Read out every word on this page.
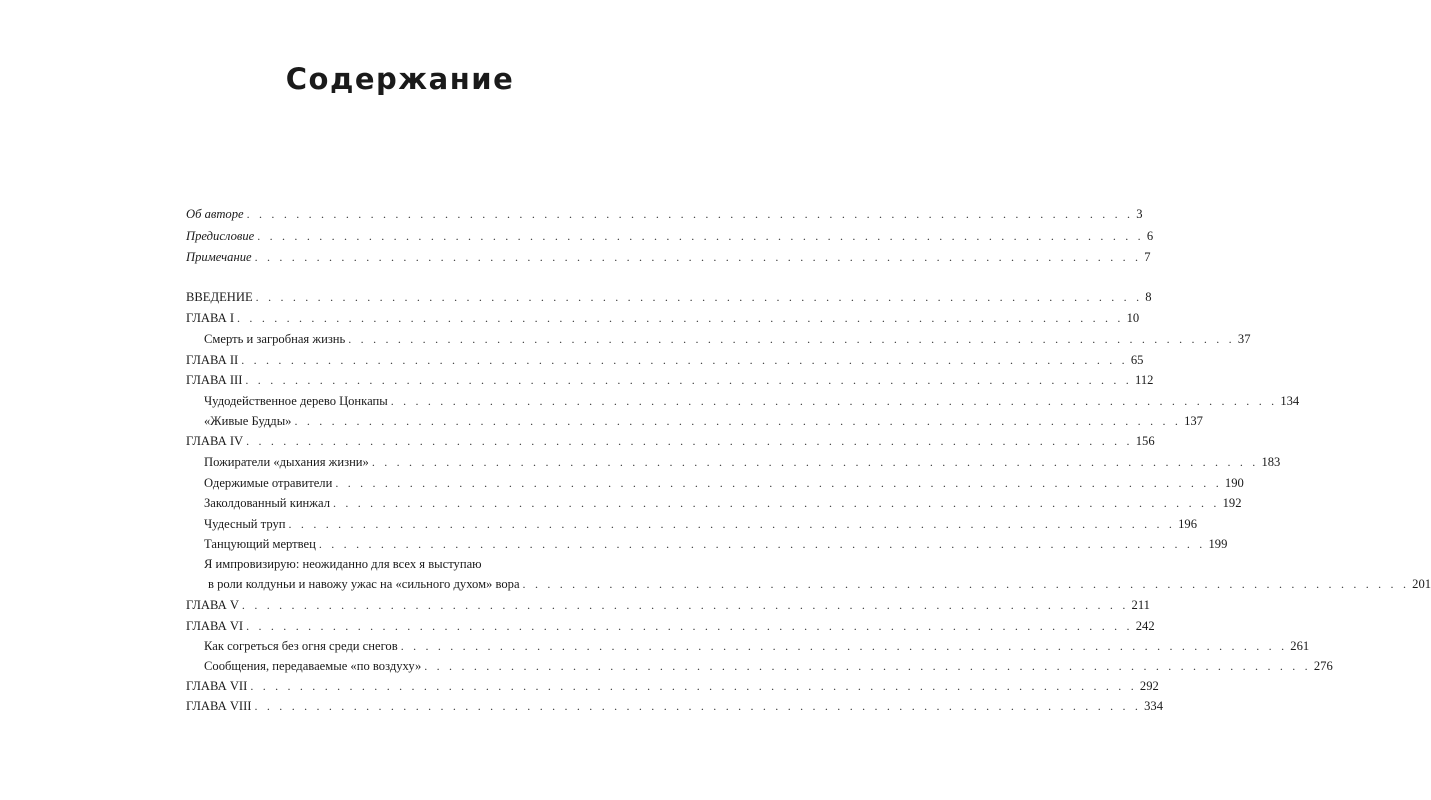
Содержание
Об авторе . . . . . . . . . . . . . . . . . . . . . . . . . . . . . . . . . . . . . . . . . . . . . . . . . . . . . . . . . . . . . . . . . . . . . . . . 3
Предисловие . . . . . . . . . . . . . . . . . . . . . . . . . . . . . . . . . . . . . . . . . . . . . . . . . . . . . . . . . . . . . . . . . . . . . . . . 6
Примечание . . . . . . . . . . . . . . . . . . . . . . . . . . . . . . . . . . . . . . . . . . . . . . . . . . . . . . . . . . . . . . . . . . . . . . . . 7
ВВЕДЕНИЕ . . . . . . . . . . . . . . . . . . . . . . . . . . . . . . . . . . . . . . . . . . . . . . . . . . . . . . . . . . . . . . . . . . . . . . . . 8
ГЛАВА I . . . . . . . . . . . . . . . . . . . . . . . . . . . . . . . . . . . . . . . . . . . . . . . . . . . . . . . . . . . . . . . . . . . . . . . . 10
Смерть и загробная жизнь . . . . . . . . . . . . . . . . . . . . . . . . . . . . . . . . . . . . . . . . . . . . . . . . . . . . . . . . . . . . . . . . . . . . . . . . 37
ГЛАВА II . . . . . . . . . . . . . . . . . . . . . . . . . . . . . . . . . . . . . . . . . . . . . . . . . . . . . . . . . . . . . . . . . . . . . . . . 65
ГЛАВА III . . . . . . . . . . . . . . . . . . . . . . . . . . . . . . . . . . . . . . . . . . . . . . . . . . . . . . . . . . . . . . . . . . . . . . . . 112
Чудодейственное дерево Цонкапы . . . . . . . . . . . . . . . . . . . . . . . . . . . . . . . . . . . . . . . . . . . . . . . . . . . . . . . . . . . . . . . . . . . . . . . . 134
«Живые Будды» . . . . . . . . . . . . . . . . . . . . . . . . . . . . . . . . . . . . . . . . . . . . . . . . . . . . . . . . . . . . . . . . . . . . . . . . 137
ГЛАВА IV . . . . . . . . . . . . . . . . . . . . . . . . . . . . . . . . . . . . . . . . . . . . . . . . . . . . . . . . . . . . . . . . . . . . . . . . 156
Пожиратели «дыхания жизни» . . . . . . . . . . . . . . . . . . . . . . . . . . . . . . . . . . . . . . . . . . . . . . . . . . . . . . . . . . . . . . . . . . . . . . . . 183
Одержимые отравители . . . . . . . . . . . . . . . . . . . . . . . . . . . . . . . . . . . . . . . . . . . . . . . . . . . . . . . . . . . . . . . . . . . . . . . . 190
Заколдованный кинжал . . . . . . . . . . . . . . . . . . . . . . . . . . . . . . . . . . . . . . . . . . . . . . . . . . . . . . . . . . . . . . . . . . . . . . . . 192
Чудесный труп . . . . . . . . . . . . . . . . . . . . . . . . . . . . . . . . . . . . . . . . . . . . . . . . . . . . . . . . . . . . . . . . . . . . . . . . 196
Танцующий мертвец . . . . . . . . . . . . . . . . . . . . . . . . . . . . . . . . . . . . . . . . . . . . . . . . . . . . . . . . . . . . . . . . . . . . . . . . 199
Я импровизирую: неожиданно для всех я выступаю
в роли колдуньи и навожу ужас на «сильного духом» вора . . . . . . . . . . . . . . . . . . . . . . . . . . . . . . . . . . . . . . . . . . . . . . . . . . . . . . . . . . . . . . . . . . . . . . . . 201
ГЛАВА V . . . . . . . . . . . . . . . . . . . . . . . . . . . . . . . . . . . . . . . . . . . . . . . . . . . . . . . . . . . . . . . . . . . . . . . . 211
ГЛАВА VI . . . . . . . . . . . . . . . . . . . . . . . . . . . . . . . . . . . . . . . . . . . . . . . . . . . . . . . . . . . . . . . . . . . . . . . . 242
Как согреться без огня среди снегов . . . . . . . . . . . . . . . . . . . . . . . . . . . . . . . . . . . . . . . . . . . . . . . . . . . . . . . . . . . . . . . . . . . . . . . . 261
Сообщения, передаваемые «по воздуху» . . . . . . . . . . . . . . . . . . . . . . . . . . . . . . . . . . . . . . . . . . . . . . . . . . . . . . . . . . . . . . . . . . . . . . . . 276
ГЛАВА VII . . . . . . . . . . . . . . . . . . . . . . . . . . . . . . . . . . . . . . . . . . . . . . . . . . . . . . . . . . . . . . . . . . . . . . . . 292
ГЛАВА VIII . . . . . . . . . . . . . . . . . . . . . . . . . . . . . . . . . . . . . . . . . . . . . . . . . . . . . . . . . . . . . . . . . . . . . . . . 334
